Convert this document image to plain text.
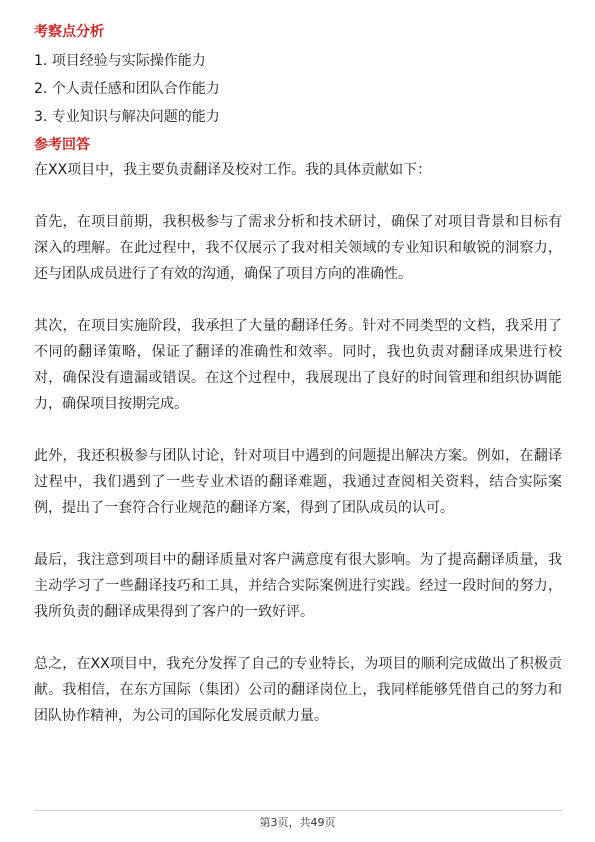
考察点分析
1. 项目经验与实际操作能力
2. 个人责任感和团队合作能力
3. 专业知识与解决问题的能力
参考回答

在XX项目中，我主要负责翻译及校对工作。我的具体贡献如下：

首先，在项目前期，我积极参与了需求分析和技术研讨，确保了对项目背景和目标有深入的理解。在此过程中，我不仅展示了我对相关领域的专业知识和敏锐的洞察力，还与团队成员进行了有效的沟通，确保了项目方向的准确性。

其次，在项目实施阶段，我承担了大量的翻译任务。针对不同类型的文档，我采用了不同的翻译策略，保证了翻译的准确性和效率。同时，我也负责对翻译成果进行校对，确保没有遗漏或错误。在这个过程中，我展现出了良好的时间管理和组织协调能力，确保项目按期完成。

此外，我还积极参与团队讨论，针对项目中遇到的问题提出解决方案。例如，在翻译过程中，我们遇到了一些专业术语的翻译难题，我通过查阅相关资料，结合实际案例，提出了一套符合行业规范的翻译方案，得到了团队成员的认可。

最后，我注意到项目中的翻译质量对客户满意度有很大影响。为了提高翻译质量，我主动学习了一些翻译技巧和工具，并结合实际案例进行实践。经过一段时间的努力，我所负责的翻译成果得到了客户的一致好评。

总之，在XX项目中，我充分发挥了自己的专业特长，为项目的顺利完成做出了积极贡献。我相信，在东方国际（集团）公司的翻译岗位上，我同样能够凭借自己的努力和团队协作精神，为公司的国际化发展贡献力量。

第3页，共49页
